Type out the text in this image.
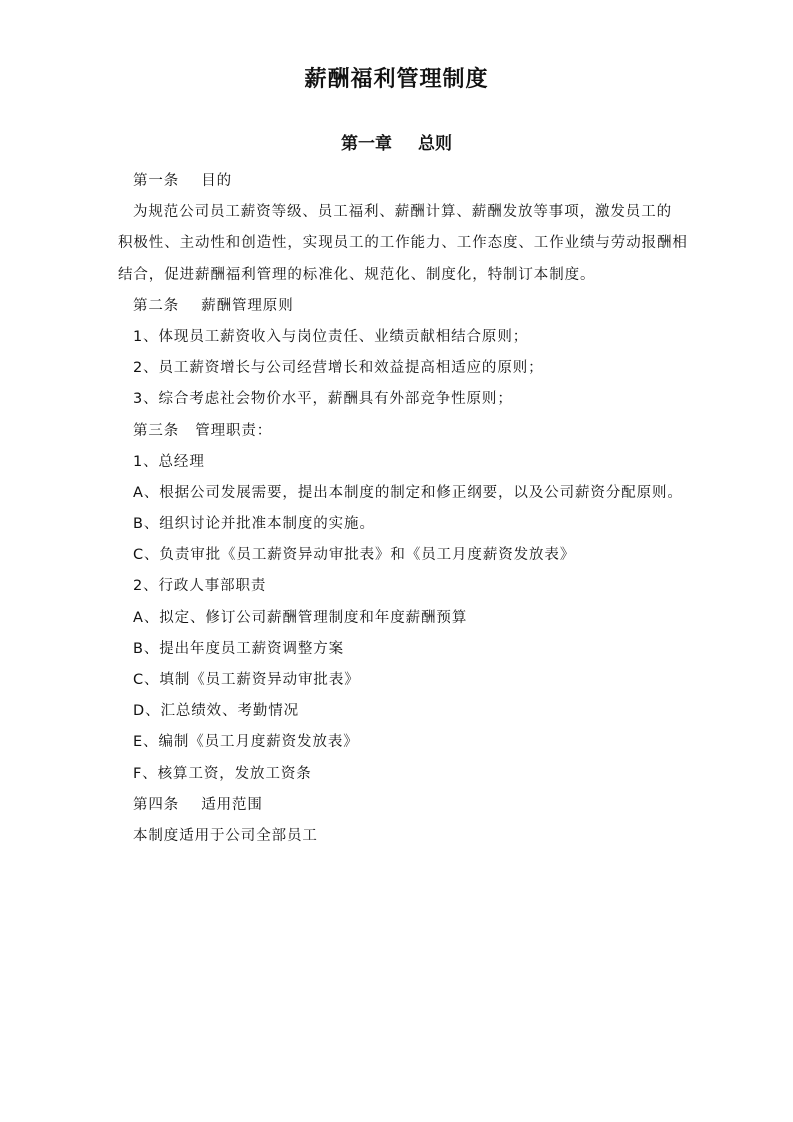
薪酬福利管理制度
第一章 总则
第一条 目的
为规范公司员工薪资等级、员工福利、薪酬计算、薪酬发放等事项，激发员工的
积极性、主动性和创造性，实现员工的工作能力、工作态度、工作业绩与劳动报酬相
结合，促进薪酬福利管理的标准化、规范化、制度化，特制订本制度。
第二条 薪酬管理原则
1、体现员工薪资收入与岗位责任、业绩贡献相结合原则；
2、员工薪资增长与公司经营增长和效益提高相适应的原则；
3、综合考虑社会物价水平，薪酬具有外部竞争性原则；
第三条 管理职责：
1、总经理
A、根据公司发展需要，提出本制度的制定和修正纲要，以及公司薪资分配原则。
B、组织讨论并批准本制度的实施。
C、负责审批《员工薪资异动审批表》和《员工月度薪资发放表》
2、行政人事部职责
A、拟定、修订公司薪酬管理制度和年度薪酬预算
B、提出年度员工薪资调整方案
C、填制《员工薪资异动审批表》
D、汇总绩效、考勤情况
E、编制《员工月度薪资发放表》
F、核算工资，发放工资条
第四条 适用范围
本制度适用于公司全部员工
